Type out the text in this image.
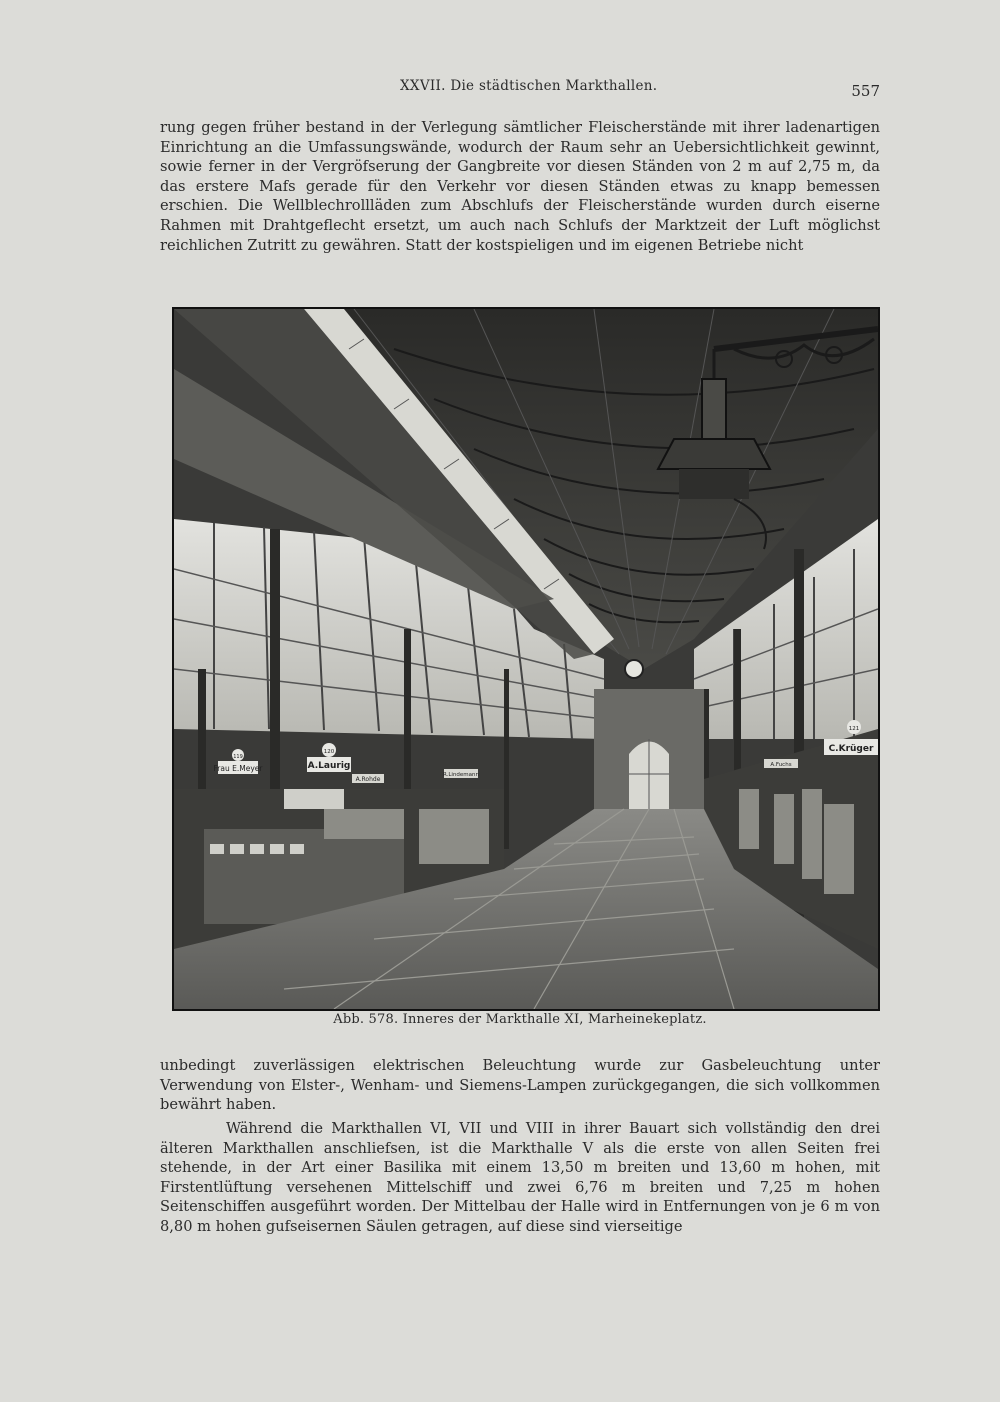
XXVII. Die städtischen Markthallen.	557

rung gegen früher bestand in der Verlegung sämtlicher Fleischerstände mit ihrer ladenartigen Einrichtung an die Umfassungswände, wodurch der Raum sehr an Uebersichtlichkeit gewinnt, sowie ferner in der Vergröfserung der Gangbreite vor diesen Ständen von 2 m auf 2,75 m, da das erstere Mafs gerade für den Verkehr vor diesen Ständen etwas zu knapp bemessen erschien. Die Wellblechrollläden zum Abschlufs der Fleischerstände wurden durch eiserne Rahmen mit Drahtgeflecht ersetzt, um auch nach Schlufs der Marktzeit der Luft möglichst reichlichen Zutritt zu gewähren. Statt der kostspieligen und im eigenen Betriebe nicht

Frau E.Meyer	A.Laurig
A.Rohde
R.Lindemann
119
120	C.Krüger
A.Fuchs
121
Abb. 578. Inneres der Markthalle XI, Marheinekeplatz.

unbedingt zuverlässigen elektrischen Beleuchtung wurde zur Gasbeleuchtung unter Verwendung von Elster-, Wenham- und Siemens-Lampen zurückgegangen, die sich vollkommen bewährt haben.

Während die Markthallen VI, VII und VIII in ihrer Bauart sich vollständig den drei älteren Markthallen anschliefsen, ist die Markthalle V als die erste von allen Seiten frei stehende, in der Art einer Basilika mit einem 13,50 m breiten und 13,60 m hohen, mit Firstentlüftung versehenen Mittelschiff und zwei 6,76 m breiten und 7,25 m hohen Seitenschiffen ausgeführt worden. Der Mittelbau der Halle wird in Entfernungen von je 6 m von 8,80 m hohen gufseisernen Säulen getragen, auf diese sind vierseitige
